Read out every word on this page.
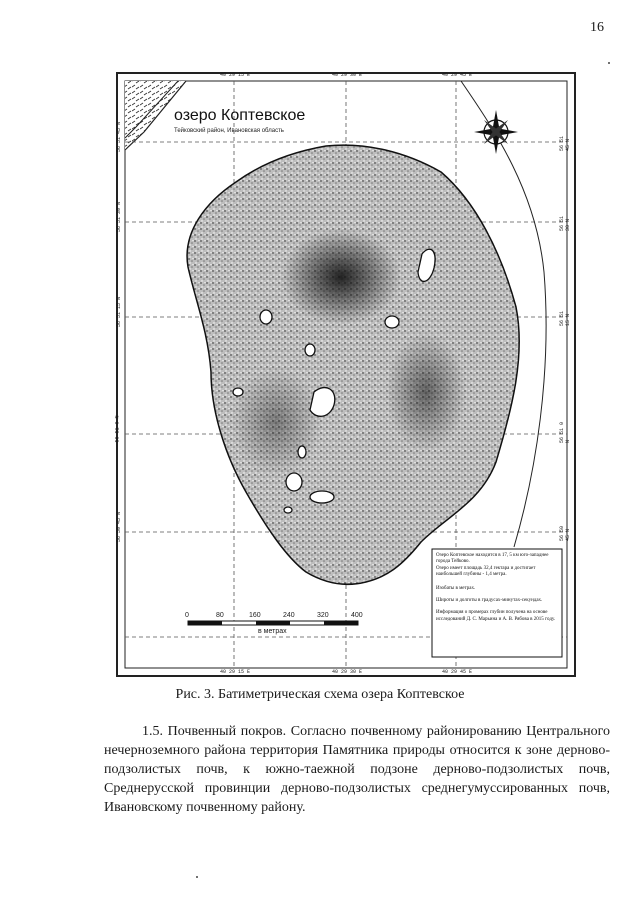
16
озеро Коптевское
Тейковский район, Ивановская область
40 29 15 E	40 29 30 E	40 29 45 E
40 29 15 E	40 29 30 E	40 29 45 E
56 51 45 N
56 51 30 N
56 51 15 N
56 51 0 N
56 50 45 N
56 51 45 N
56 51 30 N
56 51 15 N
56 51 0 N
56 50 45 N
0	80	160	240	320	400
в метрах
Озеро Коптевское находится в 17, 5 км юго-западнее города Тейково.
Озеро имеет площадь 32,4 гектара и достигает наибольшей глубины - 1,4 метра.
Изобаты в метрах.
Широты и долготы в градусах-минутах-секундах.
Информация о промерах глубин получена на основе исследований Д. С. Марьина и А. В. Рябова в 2015 году.
Рис. 3. Батиметрическая схема озера Коптевское

1.5. Почвенный покров. Согласно почвенному районированию Центрального нечерноземного района территория Памятника природы относится к зоне дерново-подзолистых почв, к южно-таежной подзоне дерново-подзолистых почв, Среднерусской провинции дерново-подзолистых среднегумуссированных почв, Ивановскому почвенному району.
